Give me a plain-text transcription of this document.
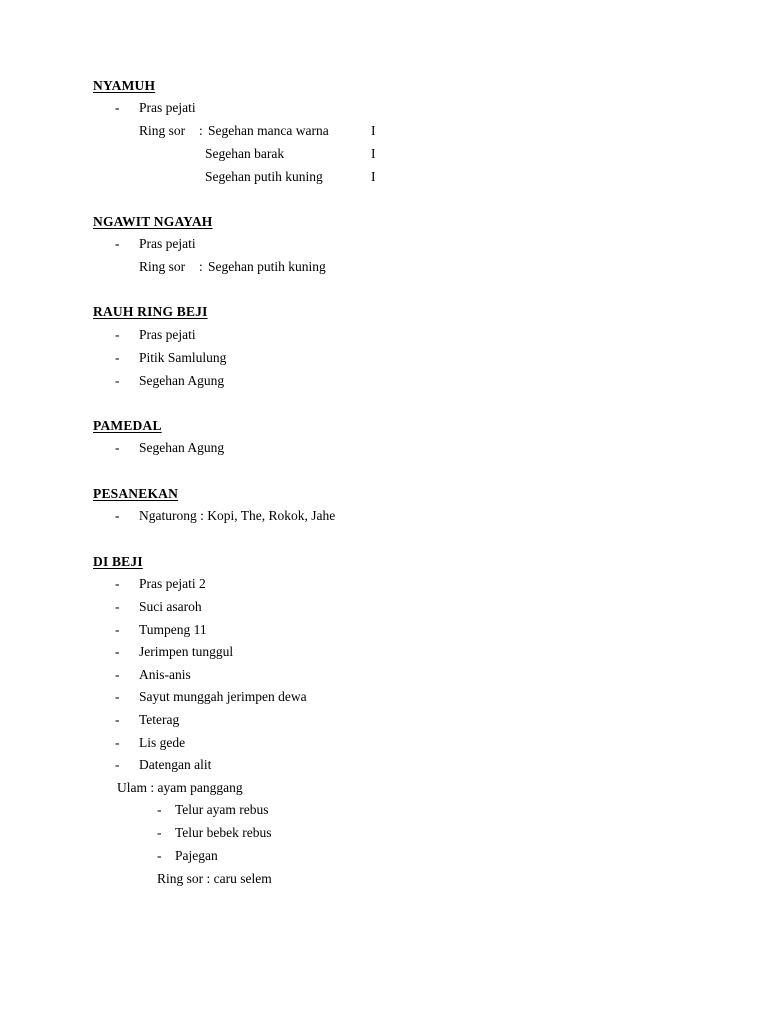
NYAMUH
- Pras pejati
Ring sor : Segehan manca warna	I
Segehan barak	I
Segehan putih kuning	I
NGAWIT NGAYAH
- Pras pejati
Ring sor : Segehan putih kuning
RAUH RING BEJI
- Pras pejati
- Pitik Samlulung
- Segehan Agung
PAMEDAL
- Segehan Agung
PESANEKAN
- Ngaturong : Kopi, The, Rokok, Jahe
DI BEJI
- Pras pejati 2
- Suci asaroh
- Tumpeng 11
- Jerimpen tunggul
- Anis-anis
- Sayut munggah jerimpen dewa
- Teterag
- Lis gede
- Datengan alit
Ulam : ayam panggang
- Telur ayam rebus
- Telur bebek rebus
- Pajegan
Ring sor : caru selem
